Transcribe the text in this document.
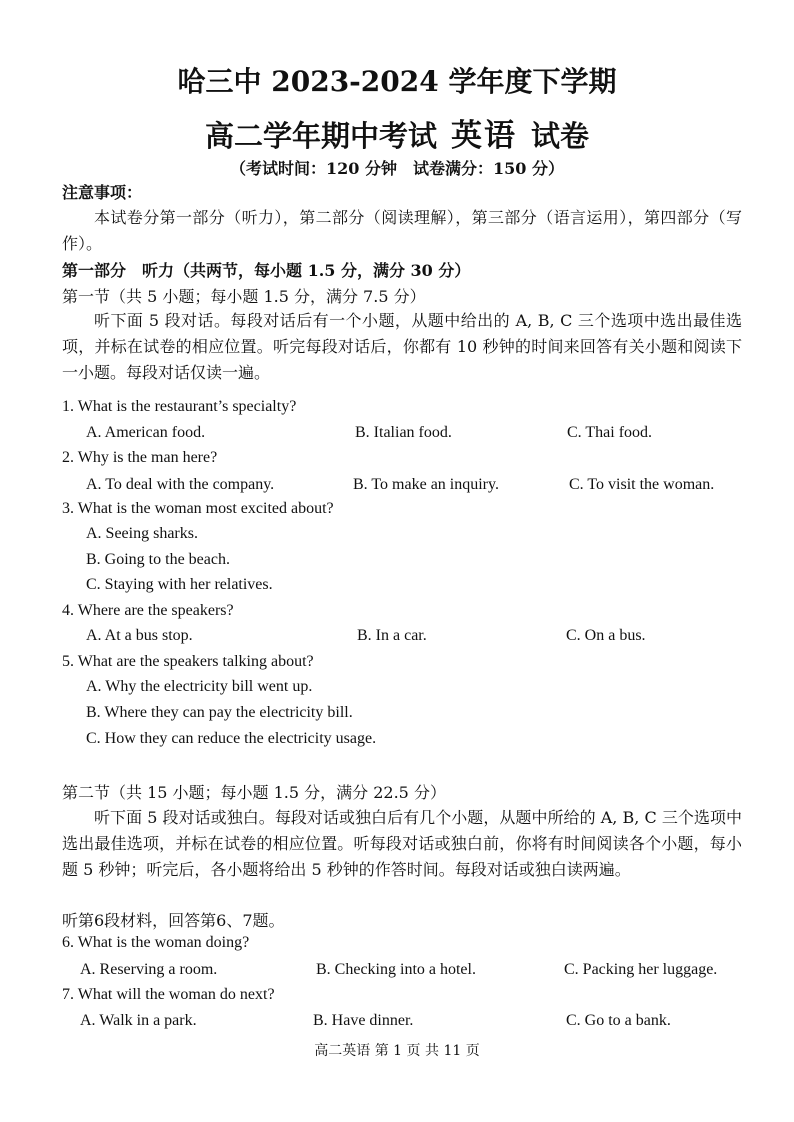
哈三中 2023-2024 学年度下学期
高二学年期中考试 英语 试卷
（考试时间：120 分钟　试卷满分：150 分）
注意事项：
本试卷分第一部分（听力），第二部分（阅读理解），第三部分（语言运用），第四部分（写作）。
第一部分　听力（共两节，每小题 1.5 分，满分 30 分）
第一节（共 5 小题；每小题 1.5 分，满分 7.5 分）
听下面 5 段对话。每段对话后有一个小题，从题中给出的 A, B, C 三个选项中选出最佳选项，并标在试卷的相应位置。听完每段对话后，你都有 10 秒钟的时间来回答有关小题和阅读下一小题。每段对话仅读一遍。
1. What is the restaurant’s specialty?
A. American food.	B. Italian food.	C. Thai food.
2. Why is the man here?
A. To deal with the company.	B. To make an inquiry.	C. To visit the woman.
3. What is the woman most excited about?
A. Seeing sharks.
B. Going to the beach.
C. Staying with her relatives.
4. Where are the speakers?
A. At a bus stop.	B. In a car.	C. On a bus.
5. What are the speakers talking about?
A. Why the electricity bill went up.
B. Where they can pay the electricity bill.
C. How they can reduce the electricity usage.
第二节（共 15 小题；每小题 1.5 分，满分 22.5 分）
听下面 5 段对话或独白。每段对话或独白后有几个小题，从题中所给的 A, B, C 三个选项中选出最佳选项，并标在试卷的相应位置。听每段对话或独白前，你将有时间阅读各个小题，每小题 5 秒钟；听完后，各小题将给出 5 秒钟的作答时间。每段对话或独白读两遍。
听第6段材料，回答第6、7题。
6. What is the woman doing?
A. Reserving a room.	B. Checking into a hotel.	C. Packing her luggage.
7. What will the woman do next?
A. Walk in a park.	B. Have dinner.	C. Go to a bank.
高二英语 第 1 页 共 11 页
